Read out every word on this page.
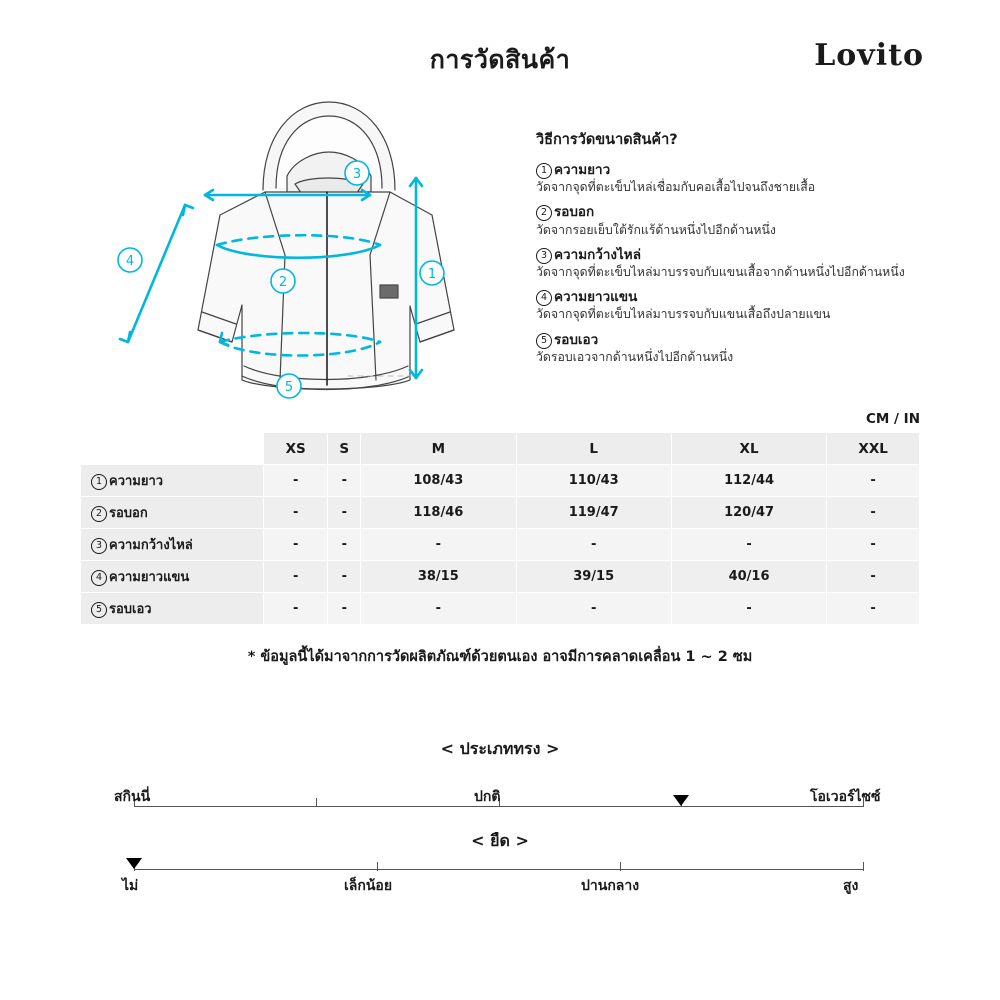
การวัดสินค้า	Lovito
1
2
3
4
5
วิธีการวัดขนาดสินค้า?
1 ความยาว
วัดจากจุดที่ตะเข็บไหล่เชื่อมกับคอเสื้อไปจนถึงชายเสื้อ
2 รอบอก
วัดจากรอยเย็บใต้รักแร้ด้านหนึ่งไปอีกด้านหนึ่ง
3 ความกว้างไหล่
วัดจากจุดที่ตะเข็บไหล่มาบรรจบกับแขนเสื้อจากด้านหนึ่งไปอีกด้านหนึ่ง
4 ความยาวแขน
วัดจากจุดที่ตะเข็บไหล่มาบรรจบกับแขนเสื้อถึงปลายแขน
5 รอบเอว
วัดรอบเอวจากด้านหนึ่งไปอีกด้านหนึ่ง
CM / IN
	XS	S	M	L	XL	XXL
1 ความยาว	-	-	108/43	110/43	112/44	-
2 รอบอก	-	-	118/46	119/47	120/47	-
3 ความกว้างไหล่	-	-	-	-	-	-
4 ความยาวแขน	-	-	38/15	39/15	40/16	-
5 รอบเอว	-	-	-	-	-	-
* ข้อมูลนี้ได้มาจากการวัดผลิตภัณฑ์ด้วยตนเอง อาจมีการคลาดเคลื่อน 1 ~ 2 ซม
< ประเภททรง >
สกินนี่	ปกติ	โอเวอร์ไซซ์
< ยืด >
ไม่	เล็กน้อย	ปานกลาง	สูง
